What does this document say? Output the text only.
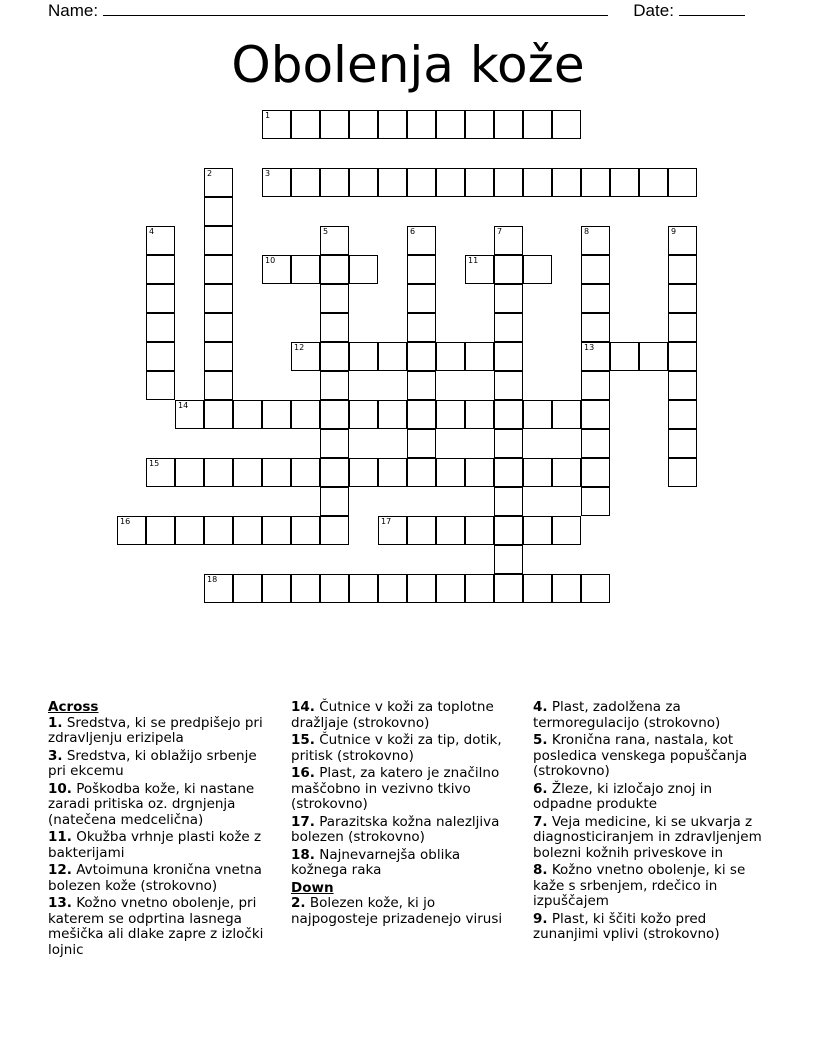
Name:	Date:
Obolenja kože
1
2	3
4	5	6	7	8
13
9
10	11
12
14
15
16	17
18
Across
1. Sredstva, ki se predpišejo pri zdravljenju erizipela
3. Sredstva, ki oblažijo srbenje pri ekcemu
10. Poškodba kože, ki nastane zaradi pritiska oz. drgnjenja (natečena medcelična)
11. Okužba vrhnje plasti kože z bakterijami
12. Avtoimuna kronična vnetna bolezen kože (strokovno)
13. Kožno vnetno obolenje, pri katerem se odprtina lasnega mešička ali dlake zapre z izločki lojnic
14. Čutnice v koži za toplotne dražljaje (strokovno)
15. Čutnice v koži za tip, dotik, pritisk (strokovno)
16. Plast, za katero je značilno maščobno in vezivno tkivo (strokovno)
17. Parazitska kožna nalezljiva bolezen (strokovno)
18. Najnevarnejša oblika kožnega raka
Down
2. Bolezen kože, ki jo najpogosteje prizadenejo virusi
4. Plast, zadolžena za termoregulacijo (strokovno)
5. Kronična rana, nastala, kot posledica venskega popuščanja (strokovno)
6. Žleze, ki izločajo znoj in odpadne produkte
7. Veja medicine, ki se ukvarja z diagnosticiranjem in zdravljenjem bolezni kožnih priveskove in
8. Kožno vnetno obolenje, ki se kaže s srbenjem, rdečico in izpuščajem
9. Plast, ki ščiti kožo pred zunanjimi vplivi (strokovno)
